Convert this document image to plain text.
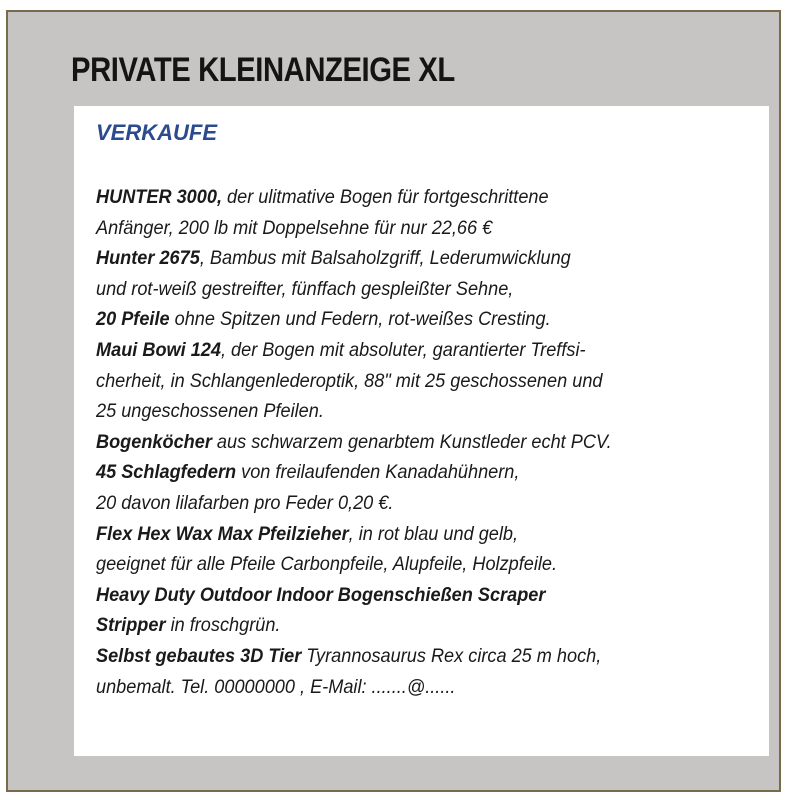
PRIVATE KLEINANZEIGE XL
VERKAUFE
HUNTER 3000, der ulitmative Bogen für fortgeschrittene
Anfänger, 200 lb mit Doppelsehne für nur 22,66 €
Hunter 2675, Bambus mit Balsaholzgriff, Lederumwicklung
und rot-weiß gestreifter, fünffach gespleißter Sehne,
20 Pfeile ohne Spitzen und Federn, rot-weißes Cresting.
Maui Bowi 124, der Bogen mit absoluter, garantierter Treffsi-
cherheit, in Schlangenlederoptik, 88" mit 25 geschossenen und
25 ungeschossenen Pfeilen.
Bogenköcher aus schwarzem genarbtem Kunstleder echt PCV.
45 Schlagfedern von freilaufenden Kanadahühnern,
20 davon lilafarben pro Feder 0,20 €.
Flex Hex Wax Max Pfeilzieher, in rot blau und gelb,
geeignet für alle Pfeile Carbonpfeile, Alupfeile, Holzpfeile.
Heavy Duty Outdoor Indoor Bogenschießen Scraper
Stripper in froschgrün.
Selbst gebautes 3D Tier Tyrannosaurus Rex circa 25 m hoch,
unbemalt. Tel. 00000000 , E-Mail: .......@......
